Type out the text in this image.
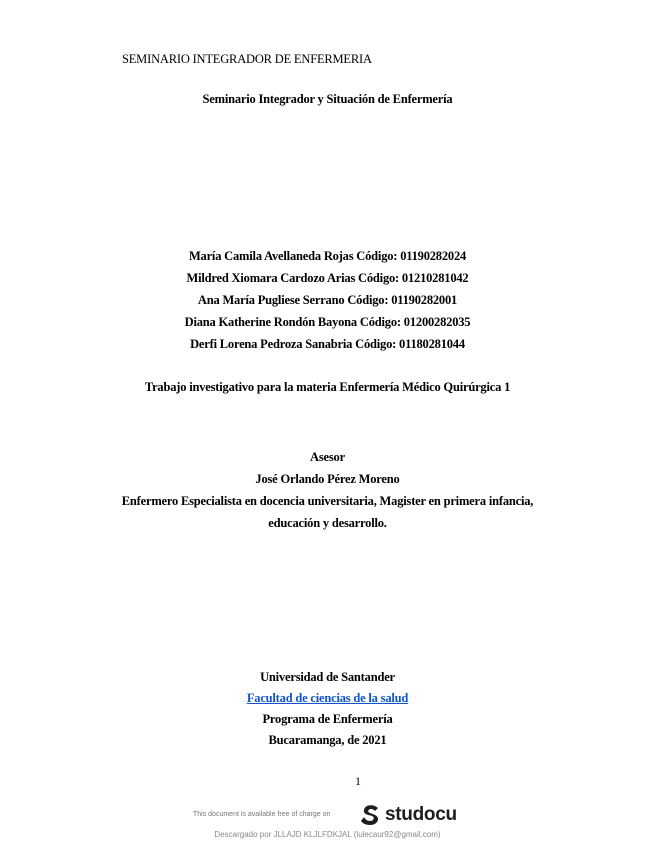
SEMINARIO INTEGRADOR DE ENFERMERIA
Seminario Integrador y Situación de Enfermería
María Camila Avellaneda Rojas Código: 01190282024
Mildred Xiomara Cardozo Arias Código: 01210281042
Ana María Pugliese Serrano Código: 01190282001
Diana Katherine Rondón Bayona Código: 01200282035
Derfi Lorena Pedroza Sanabria Código: 01180281044
Trabajo investigativo para la materia Enfermería Médico Quirúrgica 1
Asesor
José Orlando Pérez Moreno
Enfermero Especialista en docencia universitaria, Magister en primera infancia,
educación y desarrollo.
Universidad de Santander
Facultad de ciencias de la salud
Programa de Enfermería
Bucaramanga, de 2021
1
This document is available free of charge on	studocu
Descargado por JLLAJD KLJLFDKJAL (lulecaur92@gmail.com)
